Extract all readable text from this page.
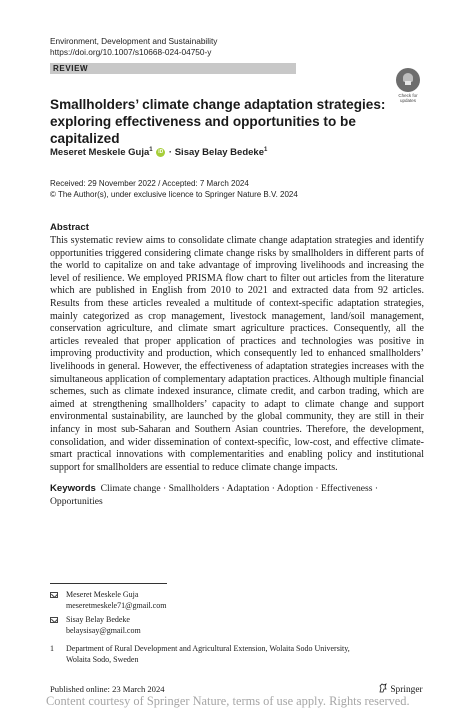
Environment, Development and Sustainability
https://doi.org/10.1007/s10668-024-04750-y
REVIEW
Check for
updates
Smallholders’ climate change adaptation strategies:
exploring effectiveness and opportunities to be capitalized
Meseret Meskele Guja$^1$ iD · Sisay Belay Bedeke$^1$
Received: 29 November 2022 / Accepted: 7 March 2024
© The Author(s), under exclusive licence to Springer Nature B.V. 2024
Abstract
This systematic review aims to consolidate climate change adaptation strategies and identify opportunities triggered considering climate change risks by smallholders in different parts of the world to capitalize on and take advantage of improving livelihoods and increasing the level of resilience. We employed PRISMA flow chart to filter out articles from the literature which are published in English from 2010 to 2021 and extracted data from 92 articles. Results from these articles revealed a multitude of context-specific adaptation strategies, mainly categorized as crop management, livestock management, land/soil management, conservation agriculture, and climate smart agriculture practices. Consequently, all the articles revealed that proper application of practices and technologies was positive in improving productivity and production, which consequently led to enhanced smallholders’ livelihoods in general. However, the effectiveness of adaptation strategies increases with the simultaneous application of complementary adaptation practices. Although multiple financial schemes, such as climate indexed insurance, climate credit, and carbon trading, which are aimed at strengthening smallholders’ capacity to adapt to climate change and support environmental sustainability, are launched by the global community, they are still in their infancy in most sub-Saharan and Southern Asian countries. Therefore, the development, consolidation, and wider dissemination of context-specific, low-cost, and effective climate-smart practical innovations with complementarities and enabling policy and institutional support for smallholders are essential to reduce climate change impacts.
Keywords Climate change · Smallholders · Adaptation · Adoption · Effectiveness · Opportunities
Meseret Meskele Guja
meseretmeskele71@gmail.com
Sisay Belay Bedeke
belaysisay@gmail.com
1	Department of Rural Development and Agricultural Extension, Wolaita Sodo University,
Wolaita Sodo, Sweden
Published online: 23 March 2024	Springer
Content courtesy of Springer Nature, terms of use apply. Rights reserved.
